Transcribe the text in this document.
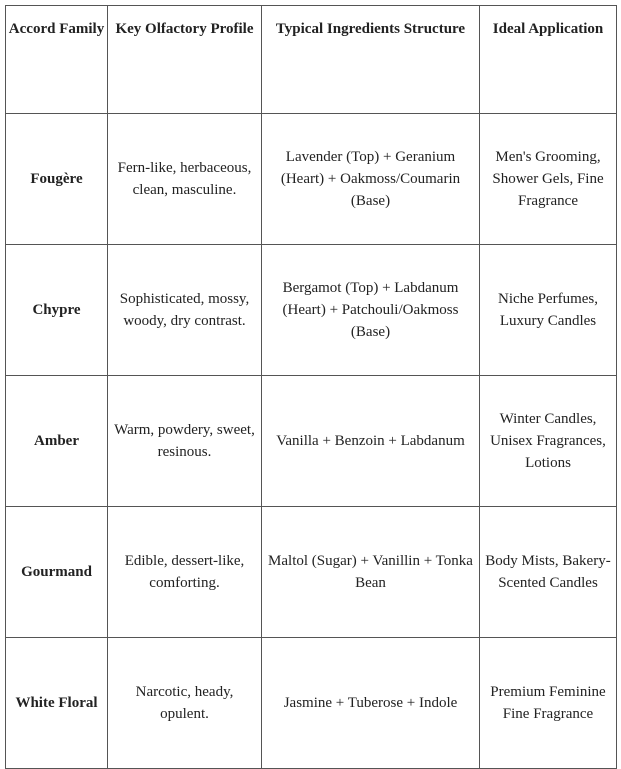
Accord Family	Key Olfactory Profile	Typical Ingredients Structure	Ideal Application
Fougère	Fern-like, herbaceous, clean, masculine.	Lavender (Top) + Geranium (Heart) + Oakmoss/Coumarin (Base)	Men's Grooming, Shower Gels, Fine Fragrance
Chypre	Sophisticated, mossy, woody, dry contrast.	Bergamot (Top) + Labdanum (Heart) + Patchouli/Oakmoss (Base)	Niche Perfumes, Luxury Candles
Amber	Warm, powdery, sweet, resinous.	Vanilla + Benzoin + Labdanum	Winter Candles, Unisex Fragrances, Lotions
Gourmand	Edible, dessert-like, comforting.	Maltol (Sugar) + Vanillin + Tonka Bean	Body Mists, Bakery-Scented Candles
White Floral	Narcotic, heady, opulent.	Jasmine + Tuberose + Indole	Premium Feminine Fine Fragrance
